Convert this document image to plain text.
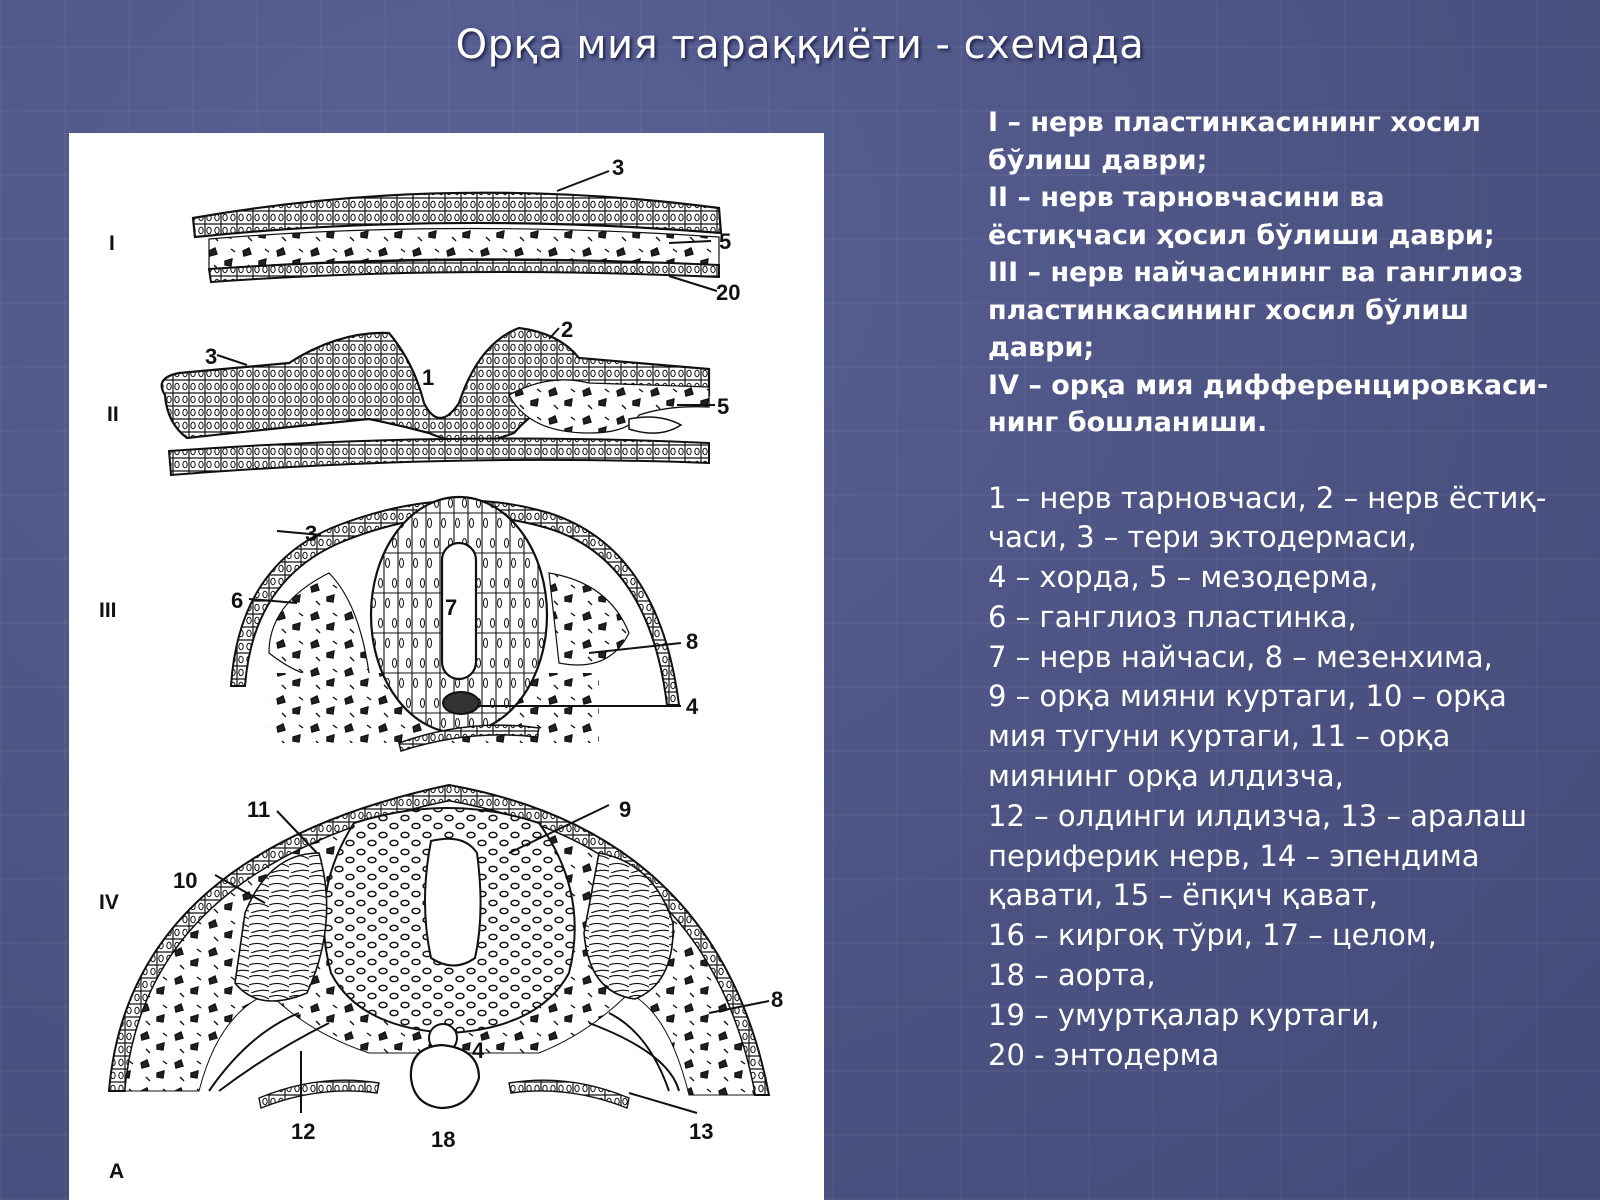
Орқа мия тараққиёти - схемада
I
3
5
20
II
3
2
1
5
III
3
6	7
8
4
IV
11	9
10
8
4
12	18	13
A
I – нерв пластинкасининг хосил
бўлиш даври;
II – нерв тарновчасини ва
ёстиқчаси ҳосил бўлиши даври;
III – нерв найчасининг ва ганглиоз
пластинкасининг хосил бўлиш
даври;
IV – орқа мия дифференцировкаси-
нинг бошланиши.
1 – нерв тарновчаси, 2 – нерв ёстиқ-
часи, 3 – тери эктодермаси,
4 – хорда, 5 – мезодерма,
6 – ганглиоз пластинка,
7 – нерв найчаси, 8 – мезенхима,
9 – орқа мияни куртаги, 10 – орқа
мия тугуни куртаги, 11 – орқа
миянинг орқа илдизча,
12 – олдинги илдизча, 13 – аралаш
периферик нерв, 14 – эпендима
қавати, 15 – ёпқич қават,
16 – киргоқ тўри, 17 – целом,
18 – аорта,
19 – умуртқалар куртаги,
20 - энтодерма
